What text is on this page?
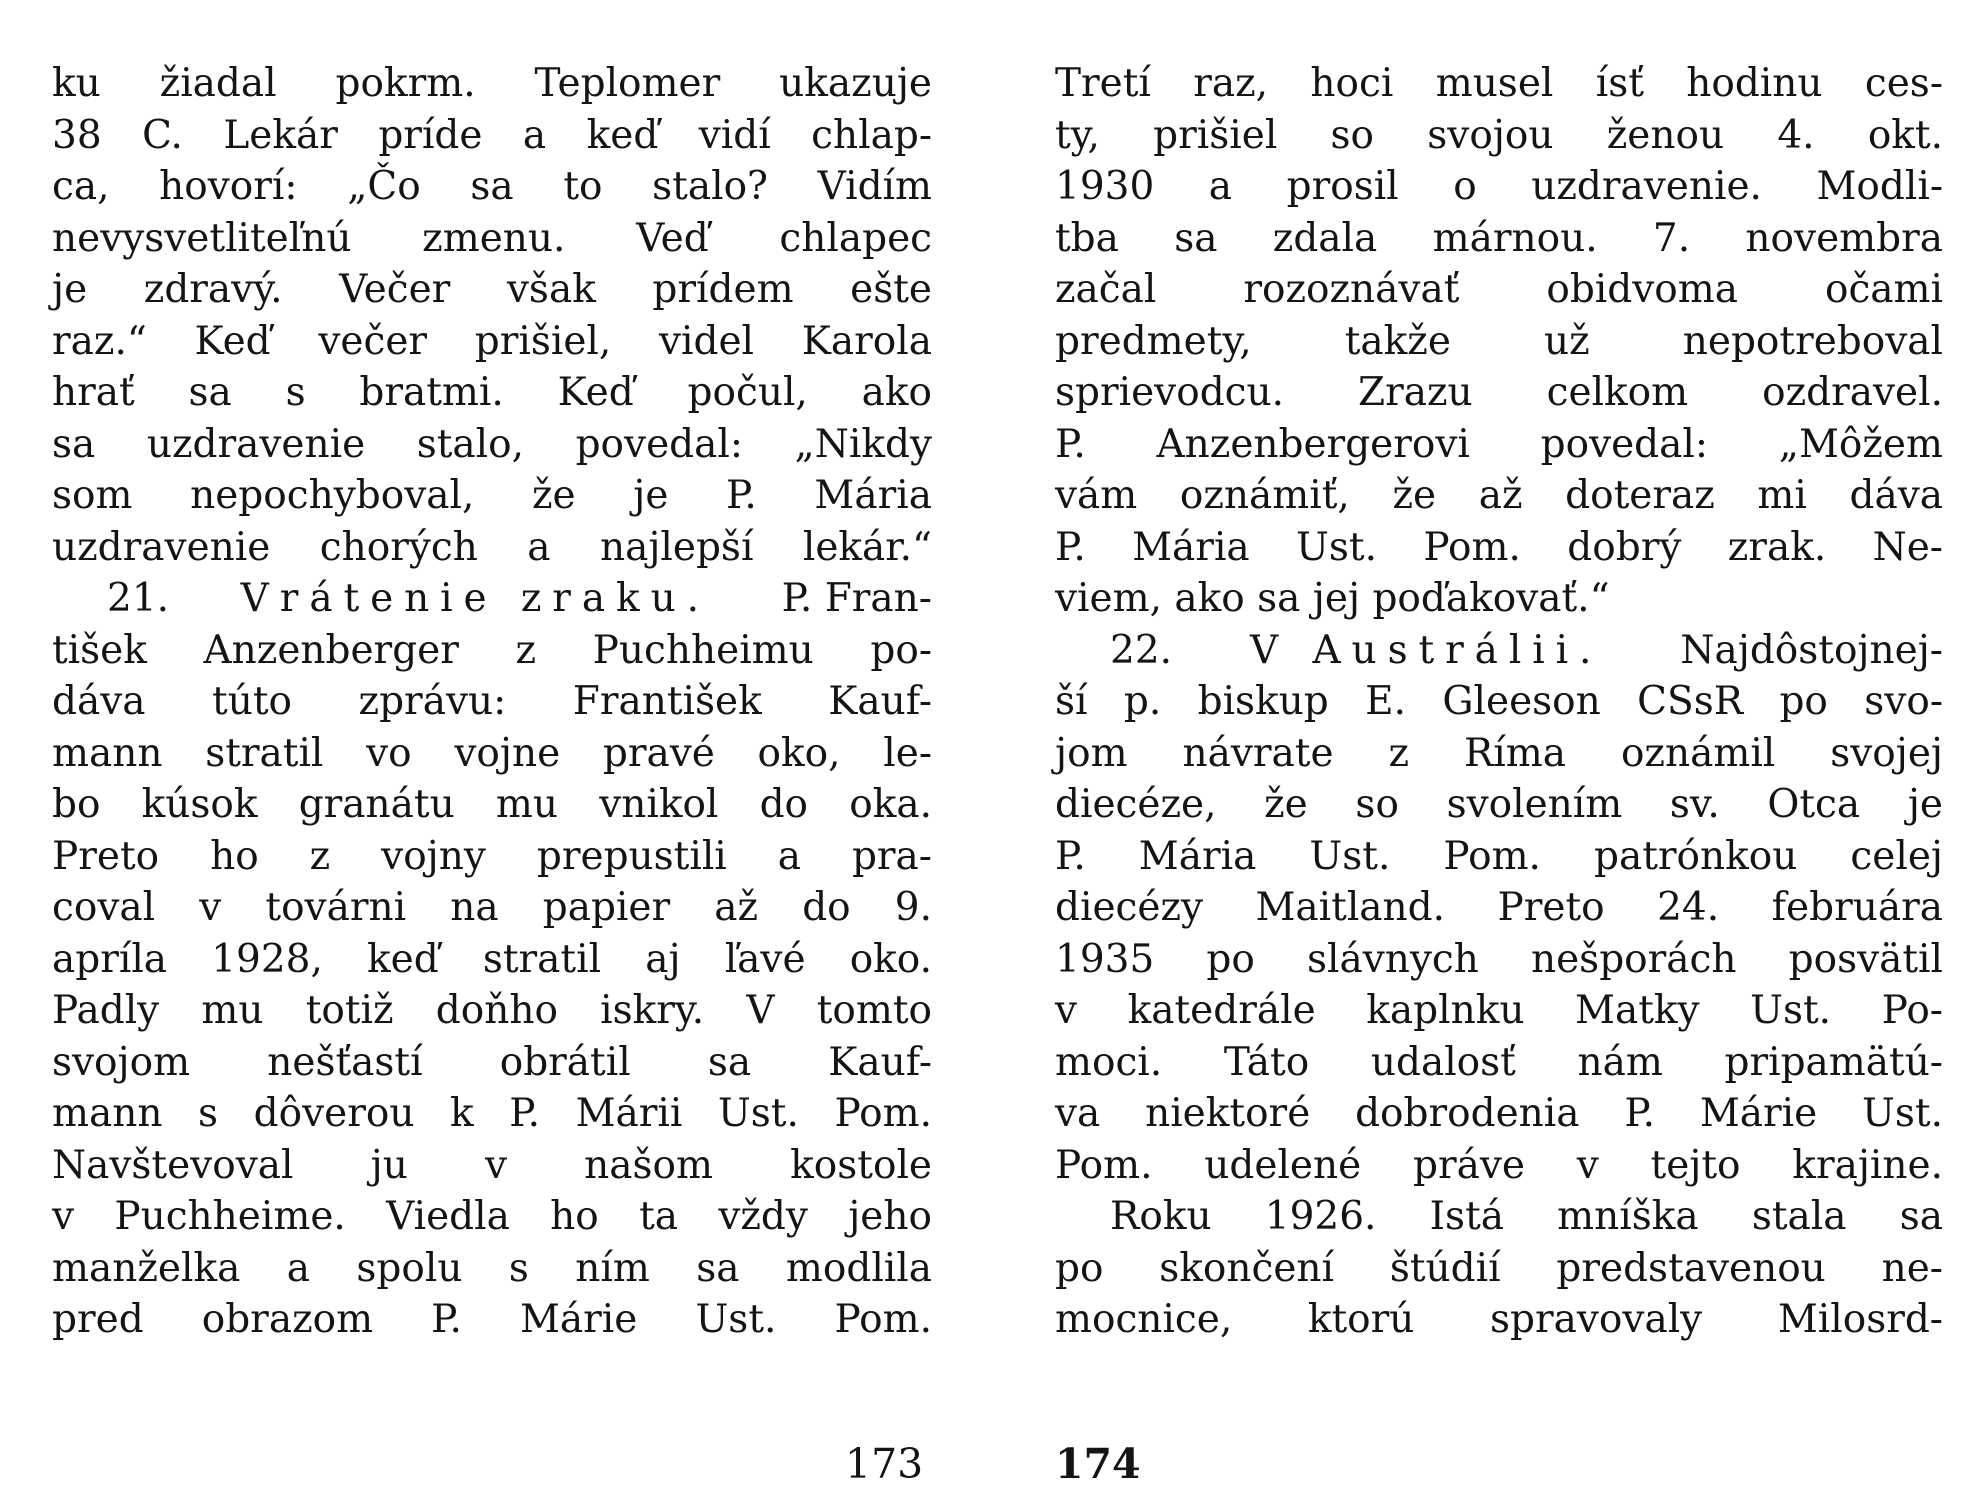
ku žiadal pokrm. Teplomer ukazuje
38 C. Lekár príde a keď vidí chlap-
ca, hovorí: „Čo sa to stalo? Vidím
nevysvetliteľnú zmenu. Veď chlapec
je zdravý. Večer však prídem ešte
raz.“ Keď večer prišiel, videl Karola
hrať sa s bratmi. Keď počul, ako
sa uzdravenie stalo, povedal: „Nikdy
som nepochyboval, že je P. Mária
uzdravenie chorých a najlepší lekár.“
21. Vrátenie zraku. P. Fran-
tišek Anzenberger z Puchheimu po-
dáva túto zprávu: František Kauf-
mann stratil vo vojne pravé oko, le-
bo kúsok granátu mu vnikol do oka.
Preto ho z vojny prepustili a pra-
coval v továrni na papier až do 9.
apríla 1928, keď stratil aj ľavé oko.
Padly mu totiž doňho iskry. V tomto
svojom nešťastí obrátil sa Kauf-
mann s dôverou k P. Márii Ust. Pom.
Navštevoval ju v našom kostole
v Puchheime. Viedla ho ta vždy jeho
manželka a spolu s ním sa modlila
pred obrazom P. Márie Ust. Pom.
Tretí raz, hoci musel ísť hodinu ces-
ty, prišiel so svojou ženou 4. okt.
1930 a prosil o uzdravenie. Modli-
tba sa zdala márnou. 7. novembra
začal rozoznávať obidvoma očami
predmety, takže už nepotreboval
sprievodcu. Zrazu celkom ozdravel.
P. Anzenbergerovi povedal: „Môžem
vám oznámiť, že až doteraz mi dáva
P. Mária Ust. Pom. dobrý zrak. Ne-
viem, ako sa jej poďakovať.“
22. V Austrálii. Najdôstojnej-
ší p. biskup E. Gleeson CSsR po svo-
jom návrate z Ríma oznámil svojej
diecéze, že so svolením sv. Otca je
P. Mária Ust. Pom. patrónkou celej
diecézy Maitland. Preto 24. februára
1935 po slávnych nešporách posvätil
v katedrále kaplnku Matky Ust. Po-
moci. Táto udalosť nám pripamätú-
va niektoré dobrodenia P. Márie Ust.
Pom. udelené práve v tejto krajine.
Roku 1926. Istá mníška stala sa
po skončení štúdií predstavenou ne-
mocnice, ktorú spravovaly Milosrd-
173	174
